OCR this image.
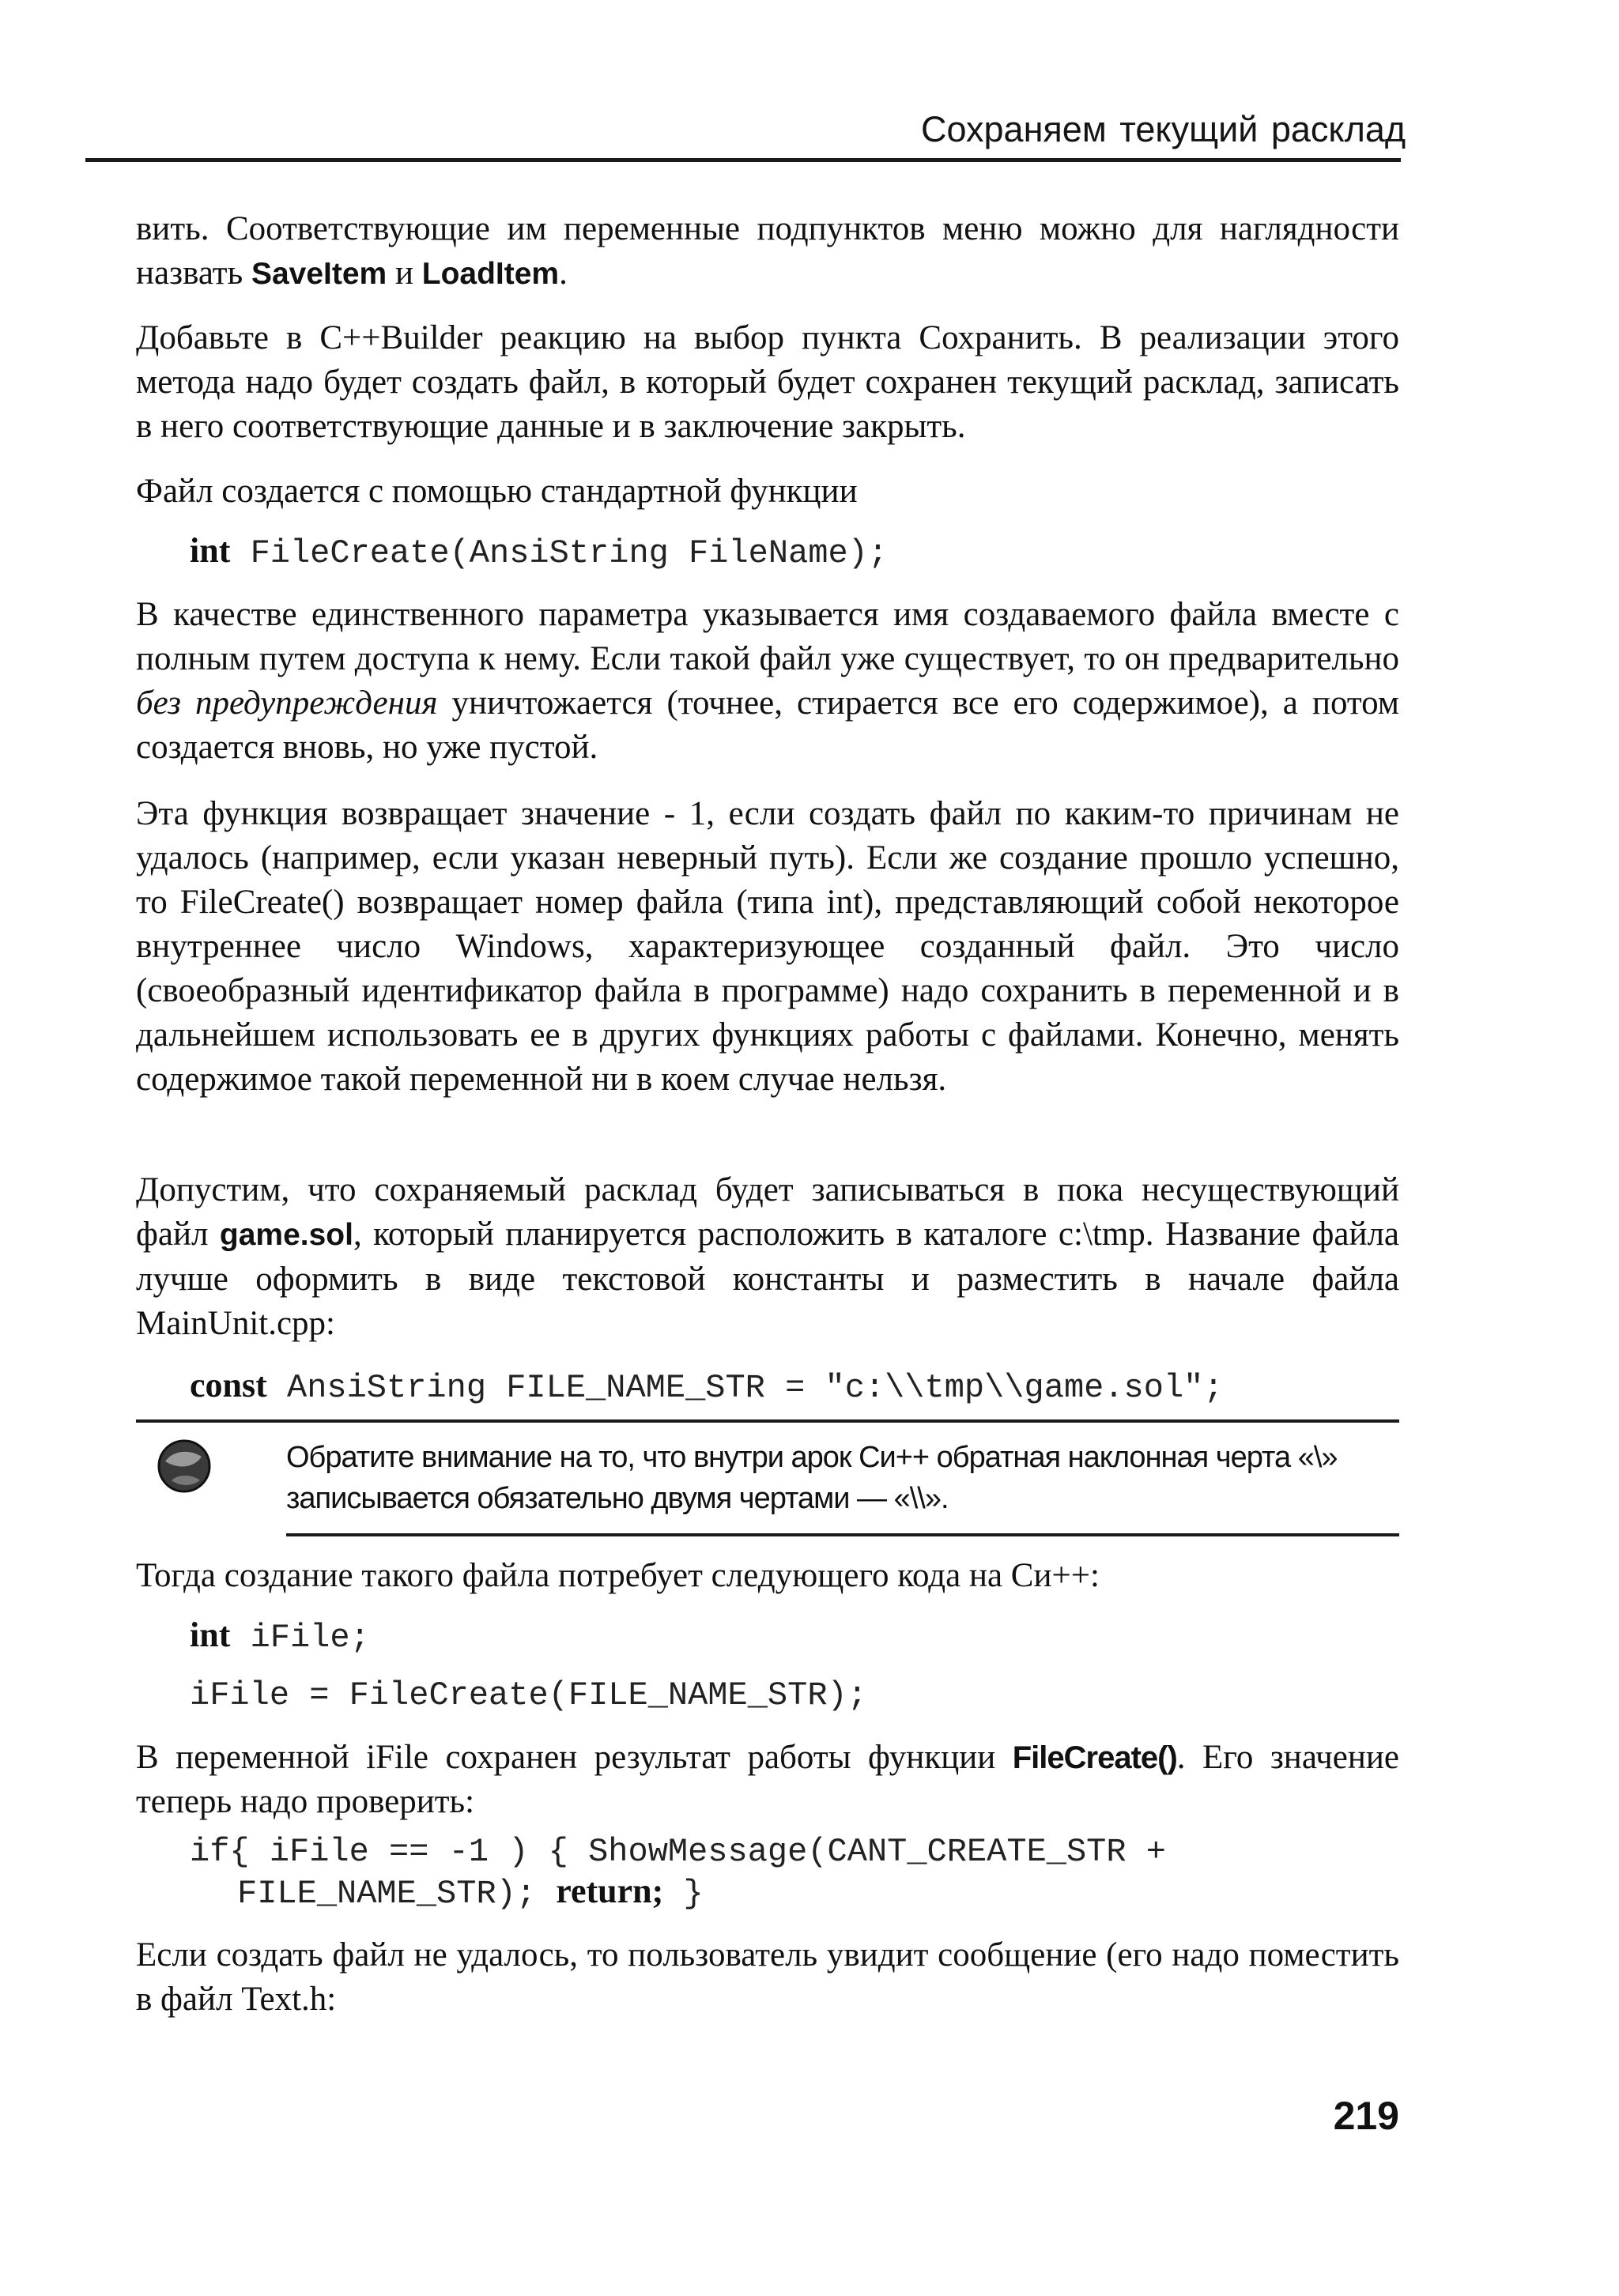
Сохраняем текущий расклад

вить. Соответствующие им переменные подпунктов меню можно для наглядности назвать SaveItem и LoadItem.

Добавьте в C++Builder реакцию на выбор пункта Сохранить. В реализации этого метода надо будет создать файл, в который будет сохранен текущий расклад, записать в него соответствующие данные и в заключение закрыть.

Файл создается с помощью стандартной функции

int FileCreate(AnsiString FileName);

В качестве единственного параметра указывается имя создаваемого файла вместе с полным путем доступа к нему. Если такой файл уже существует, то он предварительно без предупреждения уничтожается (точнее, стирается все его содержимое), а потом создается вновь, но уже пустой.

Эта функция возвращает значение - 1, если создать файл по каким-то причинам не удалось (например, если указан неверный путь). Если же создание прошло успешно, то FileCreate() возвращает номер файла (типа int), представляющий собой некоторое внутреннее число Windows, характеризующее созданный файл. Это число (своеобразный идентификатор файла в программе) надо сохранить в переменной и в дальнейшем использовать ее в других функциях работы с файлами. Конечно, менять содержимое такой переменной ни в коем случае нельзя.

Допустим, что сохраняемый расклад будет записываться в пока несуществующий файл game.sol, который планируется расположить в каталоге c:\tmp. Название файла лучше оформить в виде текстовой константы и разместить в начале файла MainUnit.cpp:

const AnsiString FILE_NAME_STR = "c:\\tmp\\game.sol";

Обратите внимание на то, что внутри арок Си++ обратная наклонная черта «\» записывается обязательно двумя чертами — «\\».

Тогда создание такого файла потребует следующего кода на Си++:

int iFile;
iFile = FileCreate(FILE_NAME_STR);

В переменной iFile сохранен результат работы функции FileCreate(). Его значение теперь надо проверить:

if{ iFile == -1 ) { ShowMessage(CANT_CREATE_STR +
FILE_NAME_STR); return; }

Если создать файл не удалось, то пользователь увидит сообщение (его надо поместить в файл Text.h:

219
